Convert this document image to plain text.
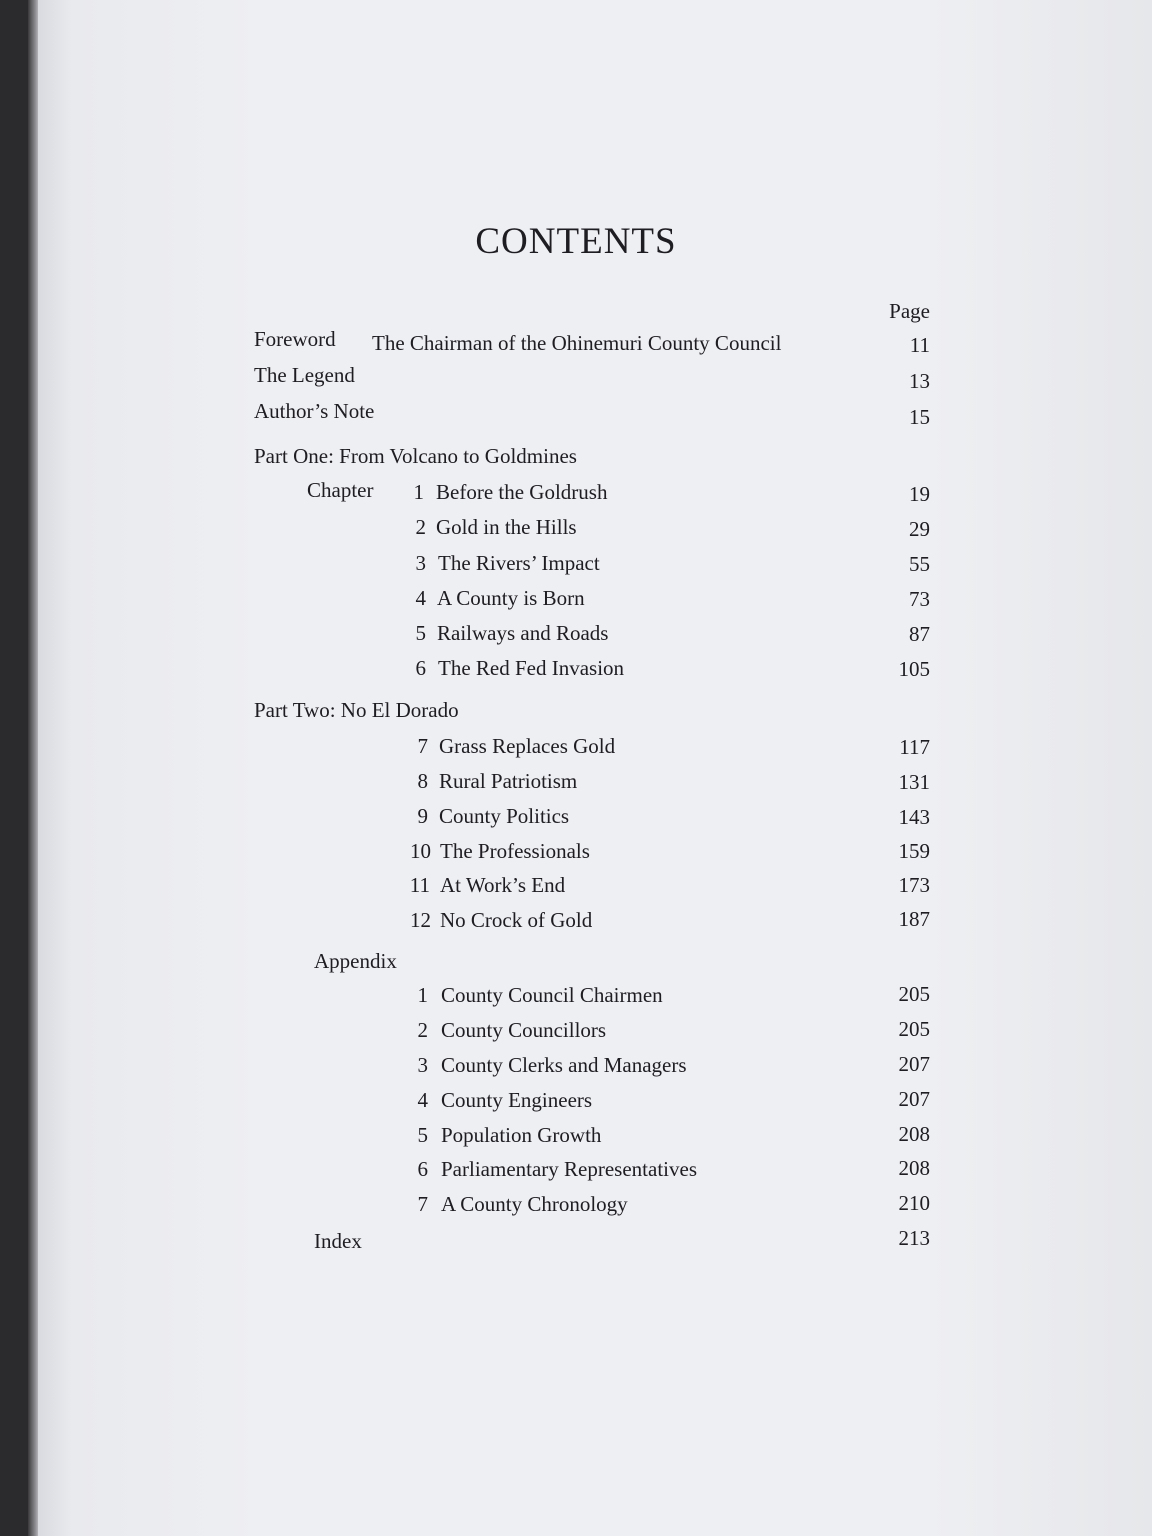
CONTENTS
Page
Foreword The Chairman of the Ohinemuri County Council	11
The Legend	13
Author’s Note	15
Part One: From Volcano to Goldmines
Chapter	1 Before the Goldrush	19
2 Gold in the Hills	29
3 The Rivers’ Impact	55
4 A County is Born	73
5 Railways and Roads	87
6 The Red Fed Invasion	105
Part Two: No El Dorado
7 Grass Replaces Gold	117
8 Rural Patriotism	131
9 County Politics	143
10 The Professionals	159
11 At Work’s End	173
12 No Crock of Gold	187
Appendix
1 County Council Chairmen	205
2 County Councillors	205
3 County Clerks and Managers	207
4 County Engineers	207
5 Population Growth	208
6 Parliamentary Representatives	208
7 A County Chronology	210
Index	213
